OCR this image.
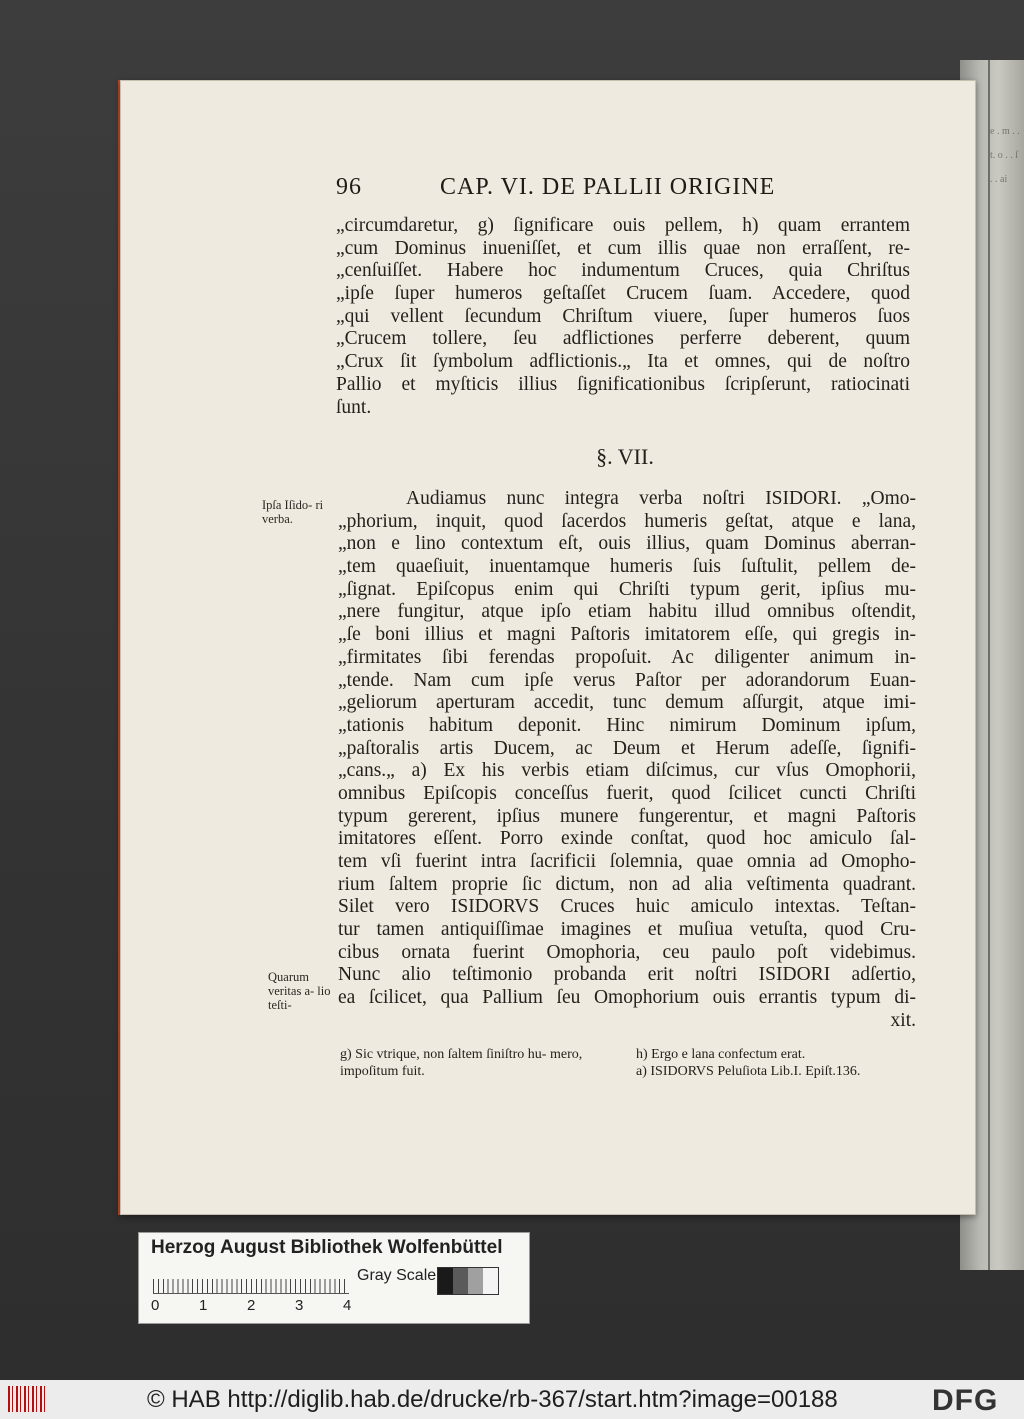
e . m . . t. o . . ſ . . ai
96	CAP. VI. DE PALLII ORIGINE
„circumdaretur, g) ſignificare ouis pellem, h) quam errantem
„cum Dominus inueniſſet, et cum illis quae non erraſſent, re-
„cenſuiſſet. Habere hoc indumentum Cruces, quia Chriſtus
„ipſe ſuper humeros geſtaſſet Crucem ſuam. Accedere, quod
„qui vellent ſecundum Chriſtum viuere, ſuper humeros ſuos
„Crucem tollere, ſeu adflictiones perferre deberent, quum
„Crux ſit ſymbolum adflictionis.„ Ita et omnes, qui de noſtro
Pallio et myſticis illius ſignificationibus ſcripſerunt, ratiocinati
ſunt.
§. VII.
Ipſa Iſido- ri verba.
Audiamus nunc integra verba noſtri ISIDORI. „Omo-
„phorium, inquit, quod ſacerdos humeris geſtat, atque e lana,
„non e lino contextum eſt, ouis illius, quam Dominus aberran-
„tem quaeſiuit, inuentamque humeris ſuis ſuſtulit, pellem de-
„ſignat. Epiſcopus enim qui Chriſti typum gerit, ipſius mu-
„nere fungitur, atque ipſo etiam habitu illud omnibus oſtendit,
„ſe boni illius et magni Paſtoris imitatorem eſſe, qui gregis in-
„firmitates ſibi ferendas propoſuit. Ac diligenter animum in-
„tende. Nam cum ipſe verus Paſtor per adorandorum Euan-
„geliorum aperturam accedit, tunc demum aſſurgit, atque imi-
„tationis habitum deponit. Hinc nimirum Dominum ipſum,
„paſtoralis artis Ducem, ac Deum et Herum adeſſe, ſignifi-
„cans.„ a) Ex his verbis etiam diſcimus, cur vſus Omophorii,
omnibus Epiſcopis conceſſus fuerit, quod ſcilicet cuncti Chriſti
typum gererent, ipſius munere fungerentur, et magni Paſtoris
imitatores eſſent. Porro exinde conſtat, quod hoc amiculo ſal-
tem vſi fuerint intra ſacrificii ſolemnia, quae omnia ad Omopho-
rium ſaltem proprie ſic dictum, non ad alia veſtimenta quadrant.
Silet vero ISIDORVS Cruces huic amiculo intextas. Teſtan-
tur tamen antiquiſſimae imagines et muſiua vetuſta, quod Cru-
cibus ornata fuerint Omophoria, ceu paulo poſt videbimus.
Nunc alio teſtimonio probanda erit noſtri ISIDORI adſertio,
ea ſcilicet, qua Pallium ſeu Omophorium ouis errantis typum di-
xit.
Quarum veritas a- lio teſti-
g) Sic vtrique, non ſaltem ſiniſtro hu- mero, impoſitum fuit.
h) Ergo e lana confectum erat.
a) ISIDORVS Peluſiota Lib.I. Epiſt.136.
Herzog August Bibliothek Wolfenbüttel
0	1	2	3	4
Gray Scale
© HAB http://diglib.hab.de/drucke/rb-367/start.htm?image=00188	DFG
